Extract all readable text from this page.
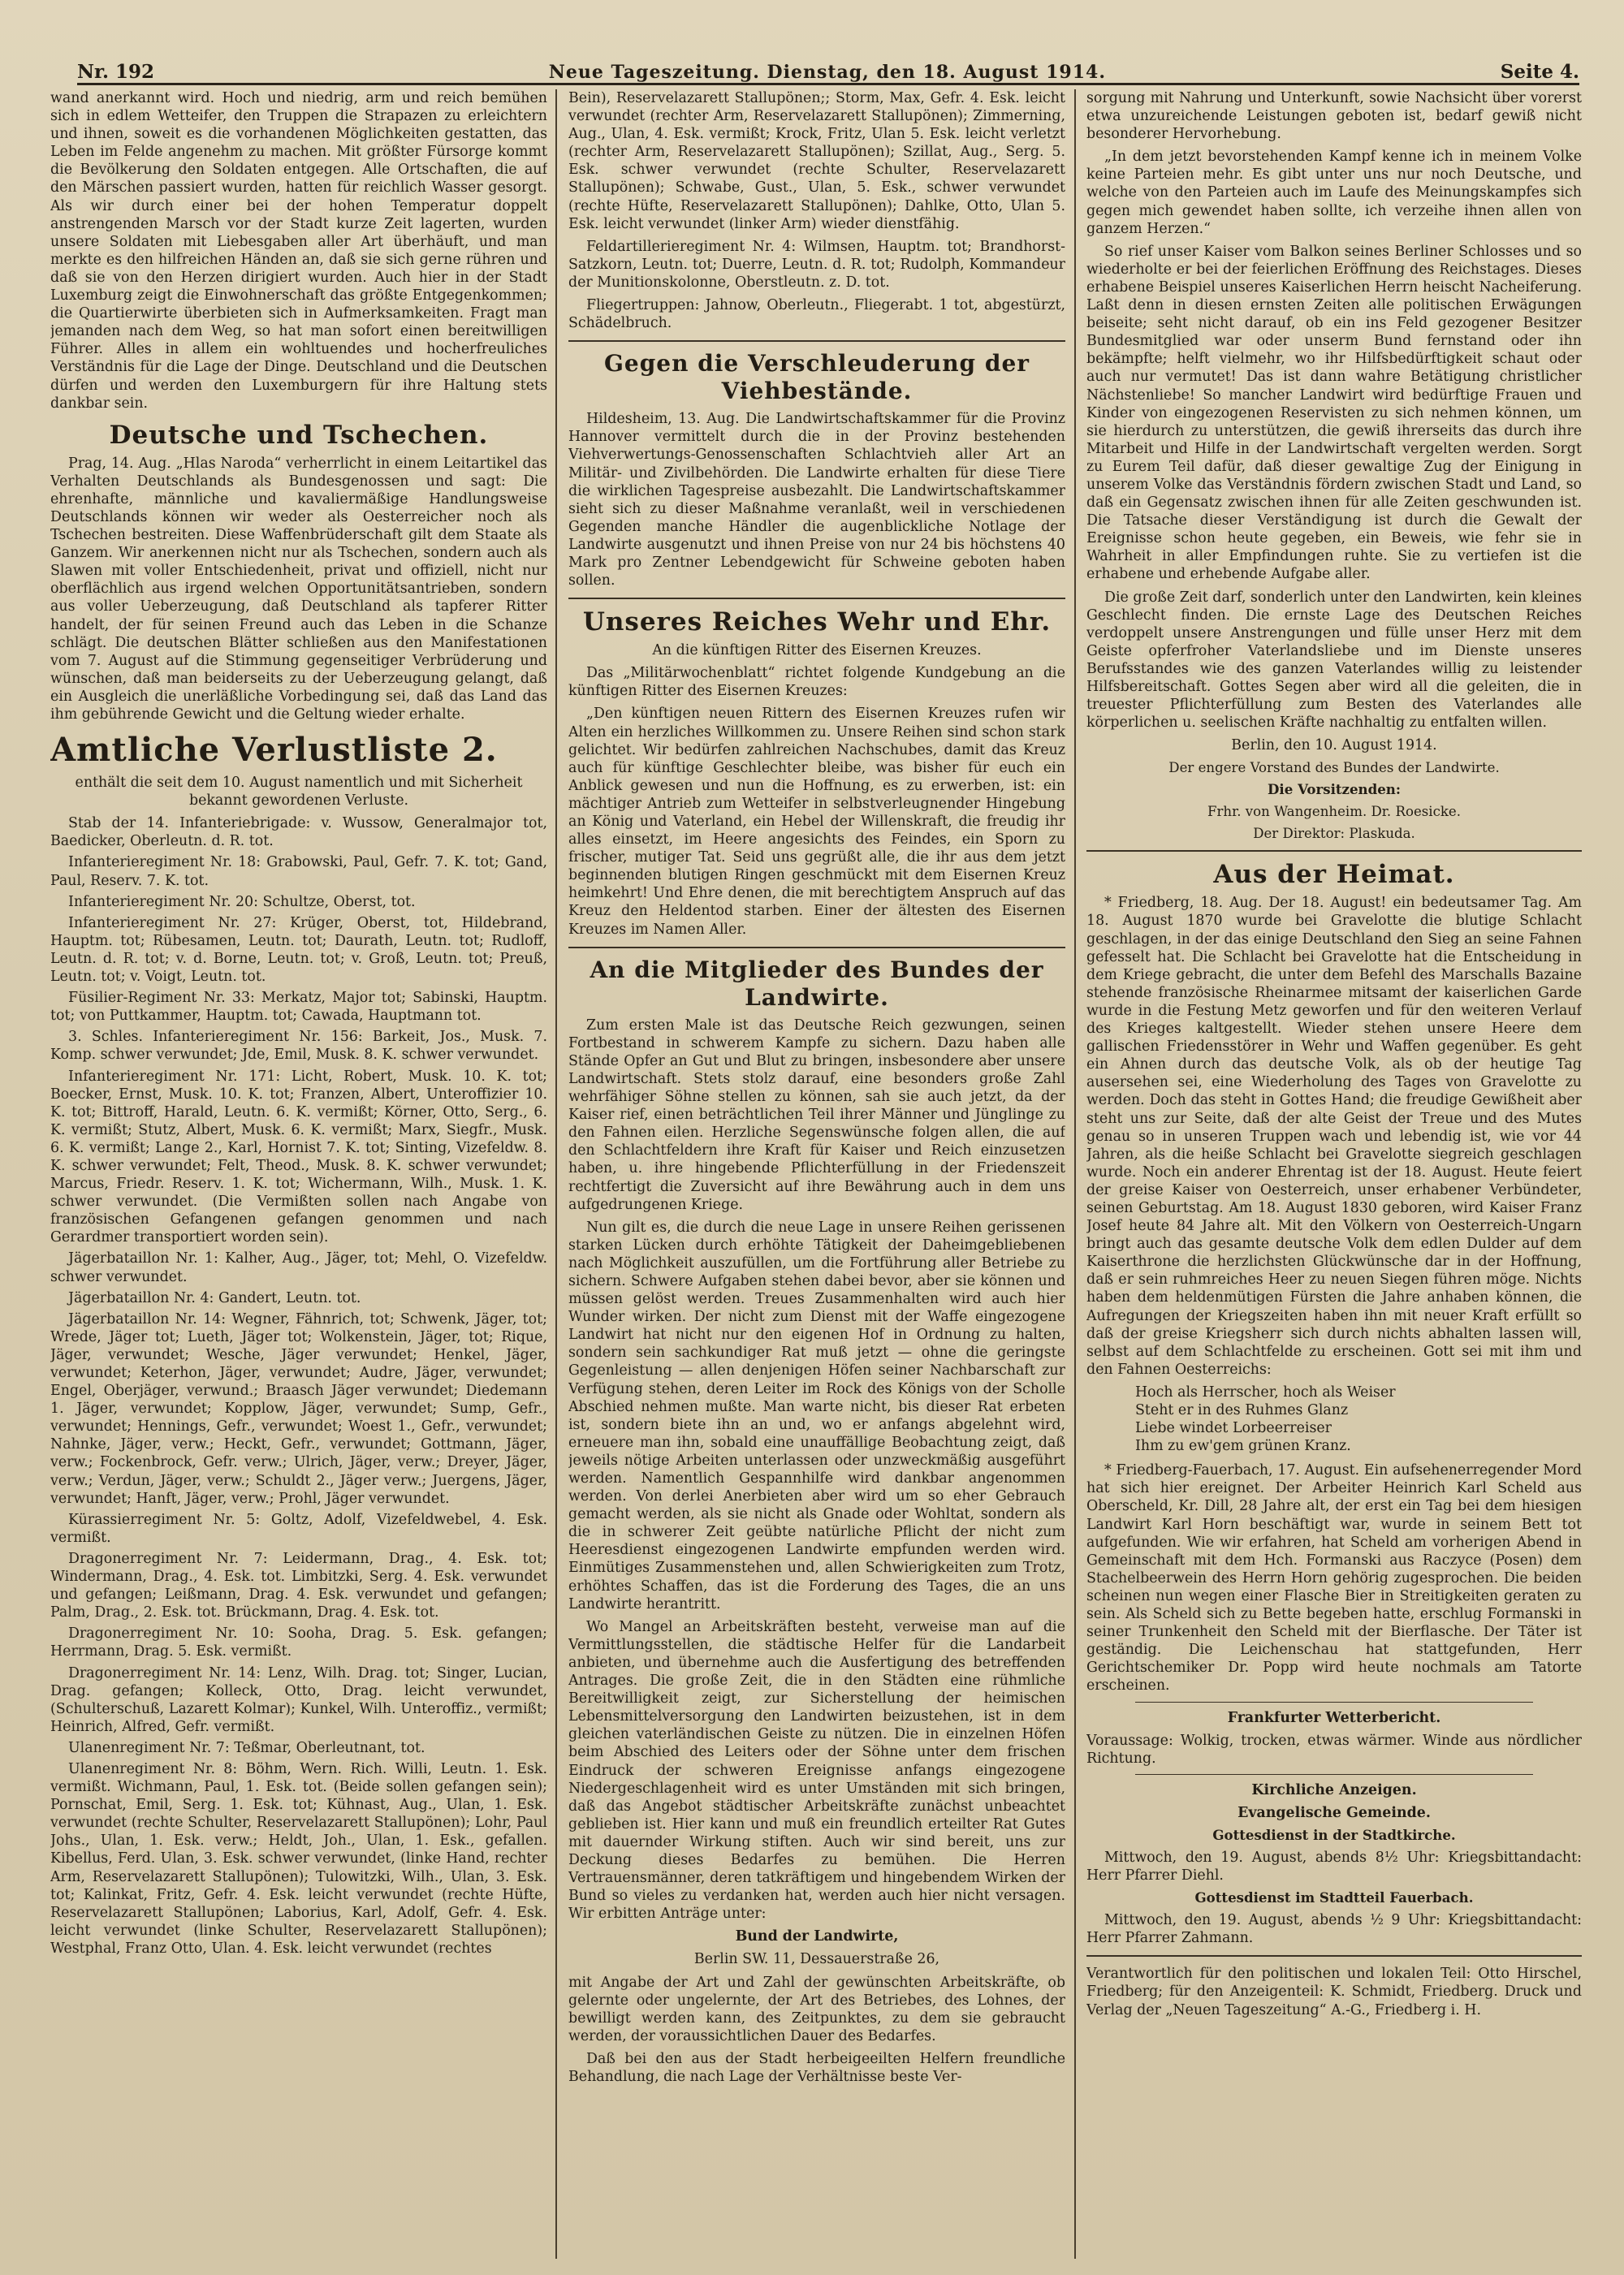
Nr. 192	Neue Tageszeitung. Dienstag, den 18. August 1914.	Seite 4.

wand anerkannt wird. Hoch und niedrig, arm und reich bemühen sich in edlem Wetteifer, den Truppen die Strapazen zu erleichtern und ihnen, soweit es die vorhandenen Möglichkeiten gestatten, das Leben im Felde angenehm zu machen. Mit größter Fürsorge kommt die Bevölkerung den Soldaten entgegen. Alle Ortschaften, die auf den Märschen passiert wurden, hatten für reichlich Wasser gesorgt. Als wir durch einer bei der hohen Temperatur doppelt anstrengenden Marsch vor der Stadt kurze Zeit lagerten, wurden unsere Soldaten mit Liebesgaben aller Art überhäuft, und man merkte es den hilfreichen Händen an, daß sie sich gerne rühren und daß sie von den Herzen dirigiert wurden. Auch hier in der Stadt Luxemburg zeigt die Einwohnerschaft das größte Entgegenkommen; die Quartierwirte überbieten sich in Aufmerksamkeiten. Fragt man jemanden nach dem Weg, so hat man sofort einen bereitwilligen Führer. Alles in allem ein wohltuendes und hocherfreuliches Verständnis für die Lage der Dinge. Deutschland und die Deutschen dürfen und werden den Luxemburgern für ihre Haltung stets dankbar sein.

Deutsche und Tschechen.

Prag, 14. Aug. „Hlas Naroda“ verherrlicht in einem Leitartikel das Verhalten Deutschlands als Bundesgenossen und sagt: Die ehrenhafte, männliche und kavaliermäßige Handlungsweise Deutschlands können wir weder als Oesterreicher noch als Tschechen bestreiten. Diese Waffenbrüderschaft gilt dem Staate als Ganzem. Wir anerkennen nicht nur als Tschechen, sondern auch als Slawen mit voller Entschiedenheit, privat und offiziell, nicht nur oberflächlich aus irgend welchen Opportunitätsantrieben, sondern aus voller Ueberzeugung, daß Deutschland als tapferer Ritter handelt, der für seinen Freund auch das Leben in die Schanze schlägt. Die deutschen Blätter schließen aus den Manifestationen vom 7. August auf die Stimmung gegenseitiger Verbrüderung und wünschen, daß man beiderseits zu der Ueberzeugung gelangt, daß ein Ausgleich die unerläßliche Vorbedingung sei, daß das Land das ihm gebührende Gewicht und die Geltung wieder erhalte.

Amtliche Verlustliste 2.

enthält die seit dem 10. August namentlich und mit Sicherheit bekannt gewordenen Verluste.

Stab der 14. Infanteriebrigade: v. Wussow, Generalmajor tot, Baedicker, Oberleutn. d. R. tot.

Infanterieregiment Nr. 18: Grabowski, Paul, Gefr. 7. K. tot; Gand, Paul, Reserv. 7. K. tot.

Infanterieregiment Nr. 20: Schultze, Oberst, tot.

Infanterieregiment Nr. 27: Krüger, Oberst, tot, Hildebrand, Hauptm. tot; Rübesamen, Leutn. tot; Daurath, Leutn. tot; Rudloff, Leutn. d. R. tot; v. d. Borne, Leutn. tot; v. Groß, Leutn. tot; Preuß, Leutn. tot; v. Voigt, Leutn. tot.

Füsilier-Regiment Nr. 33: Merkatz, Major tot; Sabinski, Hauptm. tot; von Puttkammer, Hauptm. tot; Cawada, Hauptmann tot.

3. Schles. Infanterieregiment Nr. 156: Barkeit, Jos., Musk. 7. Komp. schwer verwundet; Jde, Emil, Musk. 8. K. schwer verwundet.

Infanterieregiment Nr. 171: Licht, Robert, Musk. 10. K. tot; Boecker, Ernst, Musk. 10. K. tot; Franzen, Albert, Unteroffizier 10. K. tot; Bittroff, Harald, Leutn. 6. K. vermißt; Körner, Otto, Serg., 6. K. vermißt; Stutz, Albert, Musk. 6. K. vermißt; Marx, Siegfr., Musk. 6. K. vermißt; Lange 2., Karl, Hornist 7. K. tot; Sinting, Vizefeldw. 8. K. schwer verwundet; Felt, Theod., Musk. 8. K. schwer verwundet; Marcus, Friedr. Reserv. 1. K. tot; Wichermann, Wilh., Musk. 1. K. schwer verwundet. (Die Vermißten sollen nach Angabe von französischen Gefangenen gefangen genommen und nach Gerardmer transportiert worden sein).

Jägerbataillon Nr. 1: Kalher, Aug., Jäger, tot; Mehl, O. Vizefeldw. schwer verwundet.

Jägerbataillon Nr. 4: Gandert, Leutn. tot.

Jägerbataillon Nr. 14: Wegner, Fähnrich, tot; Schwenk, Jäger, tot; Wrede, Jäger tot; Lueth, Jäger tot; Wolkenstein, Jäger, tot; Rique, Jäger, verwundet; Wesche, Jäger verwundet; Henkel, Jäger, verwundet; Keterhon, Jäger, verwundet; Audre, Jäger, verwundet; Engel, Oberjäger, verwund.; Braasch Jäger verwundet; Diedemann 1. Jäger, verwundet; Kopplow, Jäger, verwundet; Sump, Gefr., verwundet; Hennings, Gefr., verwundet; Woest 1., Gefr., verwundet; Nahnke, Jäger, verw.; Heckt, Gefr., verwundet; Gottmann, Jäger, verw.; Fockenbrock, Gefr. verw.; Ulrich, Jäger, verw.; Dreyer, Jäger, verw.; Verdun, Jäger, verw.; Schuldt 2., Jäger verw.; Juergens, Jäger, verwundet; Hanft, Jäger, verw.; Prohl, Jäger verwundet.

Kürassierregiment Nr. 5: Goltz, Adolf, Vizefeldwebel, 4. Esk. vermißt.

Dragonerregiment Nr. 7: Leidermann, Drag., 4. Esk. tot; Windermann, Drag., 4. Esk. tot. Limbitzki, Serg. 4. Esk. verwundet und gefangen; Leißmann, Drag. 4. Esk. verwundet und gefangen; Palm, Drag., 2. Esk. tot. Brückmann, Drag. 4. Esk. tot.

Dragonerregiment Nr. 10: Sooha, Drag. 5. Esk. gefangen; Herrmann, Drag. 5. Esk. vermißt.

Dragonerregiment Nr. 14: Lenz, Wilh. Drag. tot; Singer, Lucian, Drag. gefangen; Kolleck, Otto, Drag. leicht verwundet, (Schulterschuß, Lazarett Kolmar); Kunkel, Wilh. Unteroffiz., vermißt; Heinrich, Alfred, Gefr. vermißt.

Ulanenregiment Nr. 7: Teßmar, Oberleutnant, tot.

Ulanenregiment Nr. 8: Böhm, Wern. Rich. Willi, Leutn. 1. Esk. vermißt. Wichmann, Paul, 1. Esk. tot. (Beide sollen gefangen sein); Pornschat, Emil, Serg. 1. Esk. tot; Kühnast, Aug., Ulan, 1. Esk. verwundet (rechte Schulter, Reservelazarett Stallupönen); Lohr, Paul Johs., Ulan, 1. Esk. verw.; Heldt, Joh., Ulan, 1. Esk., gefallen. Kibellus, Ferd. Ulan, 3. Esk. schwer verwundet, (linke Hand, rechter Arm, Reservelazarett Stallupönen); Tulowitzki, Wilh., Ulan, 3. Esk. tot; Kalinkat, Fritz, Gefr. 4. Esk. leicht verwundet (rechte Hüfte, Reservelazarett Stallupönen; Laborius, Karl, Adolf, Gefr. 4. Esk. leicht verwundet (linke Schulter, Reservelazarett Stallupönen); Westphal, Franz Otto, Ulan. 4. Esk. leicht verwundet (rechtes

Bein), Reservelazarett Stallupönen;; Storm, Max, Gefr. 4. Esk. leicht verwundet (rechter Arm, Reservelazarett Stallupönen); Zimmerning, Aug., Ulan, 4. Esk. vermißt; Krock, Fritz, Ulan 5. Esk. leicht verletzt (rechter Arm, Reservelazarett Stallupönen); Szillat, Aug., Serg. 5. Esk. schwer verwundet (rechte Schulter, Reservelazarett Stallupönen); Schwabe, Gust., Ulan, 5. Esk., schwer verwundet (rechte Hüfte, Reservelazarett Stallupönen); Dahlke, Otto, Ulan 5. Esk. leicht verwundet (linker Arm) wieder dienstfähig.

Feldartillerieregiment Nr. 4: Wilmsen, Hauptm. tot; Brandhorst-Satzkorn, Leutn. tot; Duerre, Leutn. d. R. tot; Rudolph, Kommandeur der Munitionskolonne, Oberstleutn. z. D. tot.

Fliegertruppen: Jahnow, Oberleutn., Fliegerabt. 1 tot, abgestürzt, Schädelbruch.

Gegen die Verschleuderung der Viehbestände.

Hildesheim, 13. Aug. Die Landwirtschaftskammer für die Provinz Hannover vermittelt durch die in der Provinz bestehenden Viehverwertungs-Genossenschaften Schlachtvieh aller Art an Militär- und Zivilbehörden. Die Landwirte erhalten für diese Tiere die wirklichen Tagespreise ausbezahlt. Die Landwirtschaftskammer sieht sich zu dieser Maßnahme veranlaßt, weil in verschiedenen Gegenden manche Händler die augenblickliche Notlage der Landwirte ausgenutzt und ihnen Preise von nur 24 bis höchstens 40 Mark pro Zentner Lebendgewicht für Schweine geboten haben sollen.

Unseres Reiches Wehr und Ehr.

An die künftigen Ritter des Eisernen Kreuzes.

Das „Militärwochenblatt“ richtet folgende Kundgebung an die künftigen Ritter des Eisernen Kreuzes:

„Den künftigen neuen Rittern des Eisernen Kreuzes rufen wir Alten ein herzliches Willkommen zu. Unsere Reihen sind schon stark gelichtet. Wir bedürfen zahlreichen Nachschubes, damit das Kreuz auch für künftige Geschlechter bleibe, was bisher für euch ein Anblick gewesen und nun die Hoffnung, es zu erwerben, ist: ein mächtiger Antrieb zum Wetteifer in selbstverleugnender Hingebung an König und Vaterland, ein Hebel der Willenskraft, die freudig ihr alles einsetzt, im Heere angesichts des Feindes, ein Sporn zu frischer, mutiger Tat. Seid uns gegrüßt alle, die ihr aus dem jetzt beginnenden blutigen Ringen geschmückt mit dem Eisernen Kreuz heimkehrt! Und Ehre denen, die mit berechtigtem Anspruch auf das Kreuz den Heldentod starben. Einer der ältesten des Eisernen Kreuzes im Namen Aller.

An die Mitglieder des Bundes der Landwirte.

Zum ersten Male ist das Deutsche Reich gezwungen, seinen Fortbestand in schwerem Kampfe zu sichern. Dazu haben alle Stände Opfer an Gut und Blut zu bringen, insbesondere aber unsere Landwirtschaft. Stets stolz darauf, eine besonders große Zahl wehrfähiger Söhne stellen zu können, sah sie auch jetzt, da der Kaiser rief, einen beträchtlichen Teil ihrer Männer und Jünglinge zu den Fahnen eilen. Herzliche Segenswünsche folgen allen, die auf den Schlachtfeldern ihre Kraft für Kaiser und Reich einzusetzen haben, u. ihre hingebende Pflichterfüllung in der Friedenszeit rechtfertigt die Zuversicht auf ihre Bewährung auch in dem uns aufgedrungenen Kriege.

Nun gilt es, die durch die neue Lage in unsere Reihen gerissenen starken Lücken durch erhöhte Tätigkeit der Daheimgebliebenen nach Möglichkeit auszufüllen, um die Fortführung aller Betriebe zu sichern. Schwere Aufgaben stehen dabei bevor, aber sie können und müssen gelöst werden. Treues Zusammenhalten wird auch hier Wunder wirken. Der nicht zum Dienst mit der Waffe eingezogene Landwirt hat nicht nur den eigenen Hof in Ordnung zu halten, sondern sein sachkundiger Rat muß jetzt — ohne die geringste Gegenleistung — allen denjenigen Höfen seiner Nachbarschaft zur Verfügung stehen, deren Leiter im Rock des Königs von der Scholle Abschied nehmen mußte. Man warte nicht, bis dieser Rat erbeten ist, sondern biete ihn an und, wo er anfangs abgelehnt wird, erneuere man ihn, sobald eine unauffällige Beobachtung zeigt, daß jeweils nötige Arbeiten unterlassen oder unzweckmäßig ausgeführt werden. Namentlich Gespannhilfe wird dankbar angenommen werden. Von derlei Anerbieten aber wird um so eher Gebrauch gemacht werden, als sie nicht als Gnade oder Wohltat, sondern als die in schwerer Zeit geübte natürliche Pflicht der nicht zum Heeresdienst eingezogenen Landwirte empfunden werden wird. Einmütiges Zusammenstehen und, allen Schwierigkeiten zum Trotz, erhöhtes Schaffen, das ist die Forderung des Tages, die an uns Landwirte herantritt.

Wo Mangel an Arbeitskräften besteht, verweise man auf die Vermittlungsstellen, die städtische Helfer für die Landarbeit anbieten, und übernehme auch die Ausfertigung des betreffenden Antrages. Die große Zeit, die in den Städten eine rühmliche Bereitwilligkeit zeigt, zur Sicherstellung der heimischen Lebensmittelversorgung den Landwirten beizustehen, ist in dem gleichen vaterländischen Geiste zu nützen. Die in einzelnen Höfen beim Abschied des Leiters oder der Söhne unter dem frischen Eindruck der schweren Ereignisse anfangs eingezogene Niedergeschlagenheit wird es unter Umständen mit sich bringen, daß das Angebot städtischer Arbeitskräfte zunächst unbeachtet geblieben ist. Hier kann und muß ein freundlich erteilter Rat Gutes mit dauernder Wirkung stiften. Auch wir sind bereit, uns zur Deckung dieses Bedarfes zu bemühen. Die Herren Vertrauensmänner, deren tatkräftigem und hingebendem Wirken der Bund so vieles zu verdanken hat, werden auch hier nicht versagen. Wir erbitten Anträge unter:

Bund der Landwirte,

Berlin SW. 11, Dessauerstraße 26,

mit Angabe der Art und Zahl der gewünschten Arbeitskräfte, ob gelernte oder ungelernte, der Art des Betriebes, des Lohnes, der bewilligt werden kann, des Zeitpunktes, zu dem sie gebraucht werden, der voraussichtlichen Dauer des Bedarfes.

Daß bei den aus der Stadt herbeigeeilten Helfern freundliche Behandlung, die nach Lage der Verhältnisse beste Ver-

sorgung mit Nahrung und Unterkunft, sowie Nachsicht über vorerst etwa unzureichende Leistungen geboten ist, bedarf gewiß nicht besonderer Hervorhebung.

„In dem jetzt bevorstehenden Kampf kenne ich in meinem Volke keine Parteien mehr. Es gibt unter uns nur noch Deutsche, und welche von den Parteien auch im Laufe des Meinungskampfes sich gegen mich gewendet haben sollte, ich verzeihe ihnen allen von ganzem Herzen.“

So rief unser Kaiser vom Balkon seines Berliner Schlosses und so wiederholte er bei der feierlichen Eröffnung des Reichstages. Dieses erhabene Beispiel unseres Kaiserlichen Herrn heischt Nacheiferung. Laßt denn in diesen ernsten Zeiten alle politischen Erwägungen beiseite; seht nicht darauf, ob ein ins Feld gezogener Besitzer Bundesmitglied war oder unserm Bund fernstand oder ihn bekämpfte; helft vielmehr, wo ihr Hilfsbedürftigkeit schaut oder auch nur vermutet! Das ist dann wahre Betätigung christlicher Nächstenliebe! So mancher Landwirt wird bedürftige Frauen und Kinder von eingezogenen Reservisten zu sich nehmen können, um sie hierdurch zu unterstützen, die gewiß ihrerseits das durch ihre Mitarbeit und Hilfe in der Landwirtschaft vergelten werden. Sorgt zu Eurem Teil dafür, daß dieser gewaltige Zug der Einigung in unserem Volke das Verständnis fördern zwischen Stadt und Land, so daß ein Gegensatz zwischen ihnen für alle Zeiten geschwunden ist. Die Tatsache dieser Verständigung ist durch die Gewalt der Ereignisse schon heute gegeben, ein Beweis, wie fehr sie in Wahrheit in aller Empfindungen ruhte. Sie zu vertiefen ist die erhabene und erhebende Aufgabe aller.

Die große Zeit darf, sonderlich unter den Landwirten, kein kleines Geschlecht finden. Die ernste Lage des Deutschen Reiches verdoppelt unsere Anstrengungen und fülle unser Herz mit dem Geiste opferfroher Vaterlandsliebe und im Dienste unseres Berufsstandes wie des ganzen Vaterlandes willig zu leistender Hilfsbereitschaft. Gottes Segen aber wird all die geleiten, die in treuester Pflichterfüllung zum Besten des Vaterlandes alle körperlichen u. seelischen Kräfte nachhaltig zu entfalten willen.

Berlin, den 10. August 1914.

Der engere Vorstand des Bundes der Landwirte.

Die Vorsitzenden:

Frhr. von Wangenheim. Dr. Roesicke.

Der Direktor: Plaskuda.

Aus der Heimat.

* Friedberg, 18. Aug. Der 18. August! ein bedeutsamer Tag. Am 18. August 1870 wurde bei Gravelotte die blutige Schlacht geschlagen, in der das einige Deutschland den Sieg an seine Fahnen gefesselt hat. Die Schlacht bei Gravelotte hat die Entscheidung in dem Kriege gebracht, die unter dem Befehl des Marschalls Bazaine stehende französische Rheinarmee mitsamt der kaiserlichen Garde wurde in die Festung Metz geworfen und für den weiteren Verlauf des Krieges kaltgestellt. Wieder stehen unsere Heere dem gallischen Friedensstörer in Wehr und Waffen gegenüber. Es geht ein Ahnen durch das deutsche Volk, als ob der heutige Tag ausersehen sei, eine Wiederholung des Tages von Gravelotte zu werden. Doch das steht in Gottes Hand; die freudige Gewißheit aber steht uns zur Seite, daß der alte Geist der Treue und des Mutes genau so in unseren Truppen wach und lebendig ist, wie vor 44 Jahren, als die heiße Schlacht bei Gravelotte siegreich geschlagen wurde. Noch ein anderer Ehrentag ist der 18. August. Heute feiert der greise Kaiser von Oesterreich, unser erhabener Verbündeter, seinen Geburtstag. Am 18. August 1830 geboren, wird Kaiser Franz Josef heute 84 Jahre alt. Mit den Völkern von Oesterreich-Ungarn bringt auch das gesamte deutsche Volk dem edlen Dulder auf dem Kaiserthrone die herzlichsten Glückwünsche dar in der Hoffnung, daß er sein ruhmreiches Heer zu neuen Siegen führen möge. Nichts haben dem heldenmütigen Fürsten die Jahre anhaben können, die Aufregungen der Kriegszeiten haben ihn mit neuer Kraft erfüllt so daß der greise Kriegsherr sich durch nichts abhalten lassen will, selbst auf dem Schlachtfelde zu erscheinen. Gott sei mit ihm und den Fahnen Oesterreichs:

Hoch als Herrscher, hoch als Weiser

Steht er in des Ruhmes Glanz

Liebe windet Lorbeerreiser

Ihm zu ew'gem grünen Kranz.

* Friedberg-Fauerbach, 17. August. Ein aufsehenerregender Mord hat sich hier ereignet. Der Arbeiter Heinrich Karl Scheld aus Oberscheld, Kr. Dill, 28 Jahre alt, der erst ein Tag bei dem hiesigen Landwirt Karl Horn beschäftigt war, wurde in seinem Bett tot aufgefunden. Wie wir erfahren, hat Scheld am vorherigen Abend in Gemeinschaft mit dem Hch. Formanski aus Raczyce (Posen) dem Stachelbeerwein des Herrn Horn gehörig zugesprochen. Die beiden scheinen nun wegen einer Flasche Bier in Streitigkeiten geraten zu sein. Als Scheld sich zu Bette begeben hatte, erschlug Formanski in seiner Trunkenheit den Scheld mit der Bierflasche. Der Täter ist geständig. Die Leichenschau hat stattgefunden, Herr Gerichtschemiker Dr. Popp wird heute nochmals am Tatorte erscheinen.

Frankfurter Wetterbericht.

Voraussage: Wolkig, trocken, etwas wärmer. Winde aus nördlicher Richtung.

Kirchliche Anzeigen.

Evangelische Gemeinde.

Gottesdienst in der Stadtkirche.

Mittwoch, den 19. August, abends 8½ Uhr: Kriegsbittandacht: Herr Pfarrer Diehl.

Gottesdienst im Stadtteil Fauerbach.

Mittwoch, den 19. August, abends ½ 9 Uhr: Kriegsbittandacht: Herr Pfarrer Zahmann.

Verantwortlich für den politischen und lokalen Teil: Otto Hirschel, Friedberg; für den Anzeigenteil: K. Schmidt, Friedberg. Druck und Verlag der „Neuen Tageszeitung“ A.-G., Friedberg i. H.
